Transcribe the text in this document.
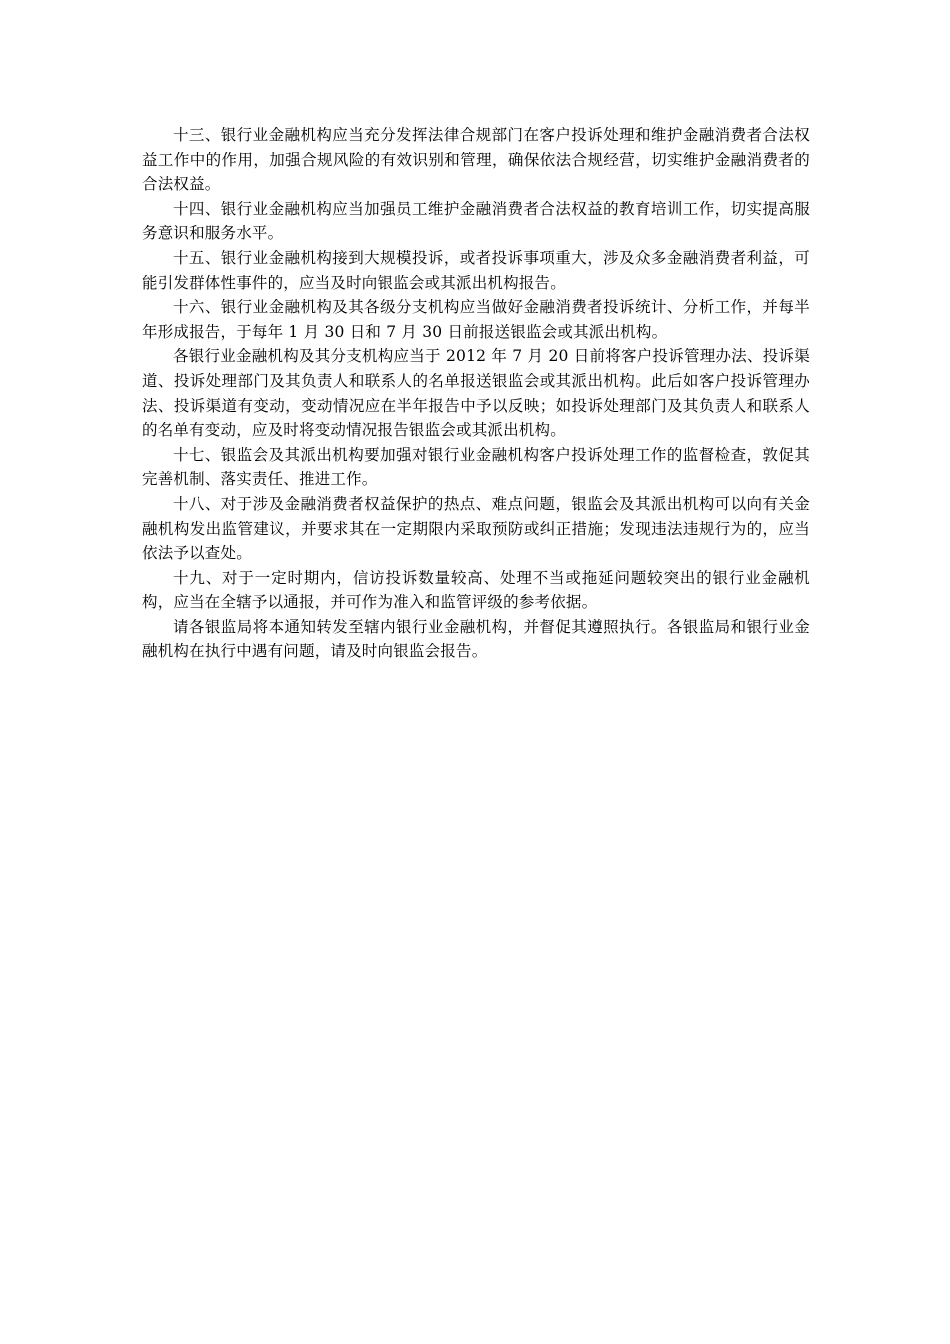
十三、银行业金融机构应当充分发挥法律合规部门在客户投诉处理和维护金融消费者合法权益工作中的作用，加强合规风险的有效识别和管理，确保依法合规经营，切实维护金融消费者的合法权益。

十四、银行业金融机构应当加强员工维护金融消费者合法权益的教育培训工作，切实提高服务意识和服务水平。

十五、银行业金融机构接到大规模投诉，或者投诉事项重大，涉及众多金融消费者利益，可能引发群体性事件的，应当及时向银监会或其派出机构报告。

十六、银行业金融机构及其各级分支机构应当做好金融消费者投诉统计、分析工作，并每半年形成报告，于每年 1 月 30 日和 7 月 30 日前报送银监会或其派出机构。

各银行业金融机构及其分支机构应当于 2012 年 7 月 20 日前将客户投诉管理办法、投诉渠道、投诉处理部门及其负责人和联系人的名单报送银监会或其派出机构。此后如客户投诉管理办法、投诉渠道有变动，变动情况应在半年报告中予以反映；如投诉处理部门及其负责人和联系人的名单有变动，应及时将变动情况报告银监会或其派出机构。

十七、银监会及其派出机构要加强对银行业金融机构客户投诉处理工作的监督检查，敦促其完善机制、落实责任、推进工作。

十八、对于涉及金融消费者权益保护的热点、难点问题，银监会及其派出机构可以向有关金融机构发出监管建议，并要求其在一定期限内采取预防或纠正措施；发现违法违规行为的，应当依法予以查处。

十九、对于一定时期内，信访投诉数量较高、处理不当或拖延问题较突出的银行业金融机构，应当在全辖予以通报，并可作为准入和监管评级的参考依据。

请各银监局将本通知转发至辖内银行业金融机构，并督促其遵照执行。各银监局和银行业金融机构在执行中遇有问题，请及时向银监会报告。
